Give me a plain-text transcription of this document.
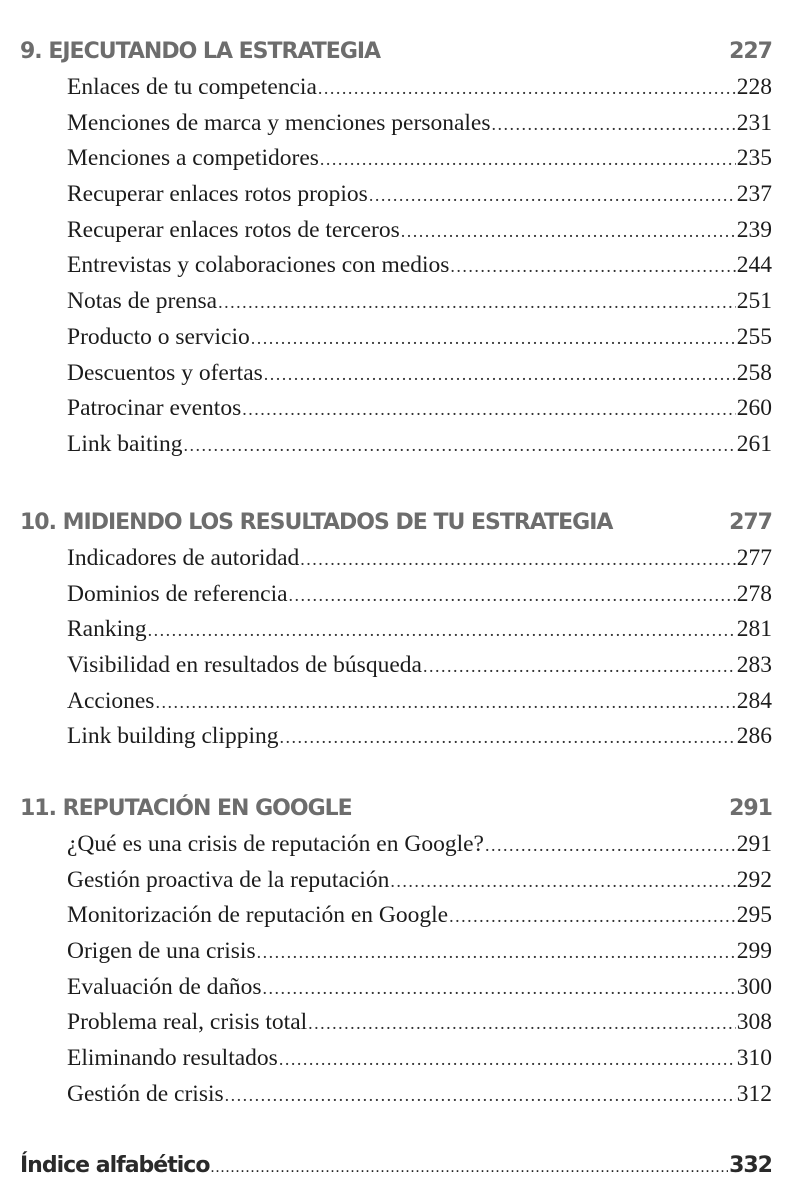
9. EJECUTANDO LA ESTRATEGIA	227
Enlaces de tu competencia .....	228
Menciones de marca y menciones personales .....	231
Menciones a competidores .....	235
Recuperar enlaces rotos propios .....	237
Recuperar enlaces rotos de terceros .....	239
Entrevistas y colaboraciones con medios .....	244
Notas de prensa .....	251
Producto o servicio .....	255
Descuentos y ofertas .....	258
Patrocinar eventos .....	260
Link baiting .....	261
10. MIDIENDO LOS RESULTADOS DE TU ESTRATEGIA	277
Indicadores de autoridad .....	277
Dominios de referencia .....	278
Ranking .....	281
Visibilidad en resultados de búsqueda .....	283
Acciones .....	284
Link building clipping .....	286
11. REPUTACIÓN EN GOOGLE	291
¿Qué es una crisis de reputación en Google? .....	291
Gestión proactiva de la reputación .....	292
Monitorización de reputación en Google .....	295
Origen de una crisis .....	299
Evaluación de daños .....	300
Problema real, crisis total .....	308
Eliminando resultados .....	310
Gestión de crisis .....	312
Índice alfabético .....	332
